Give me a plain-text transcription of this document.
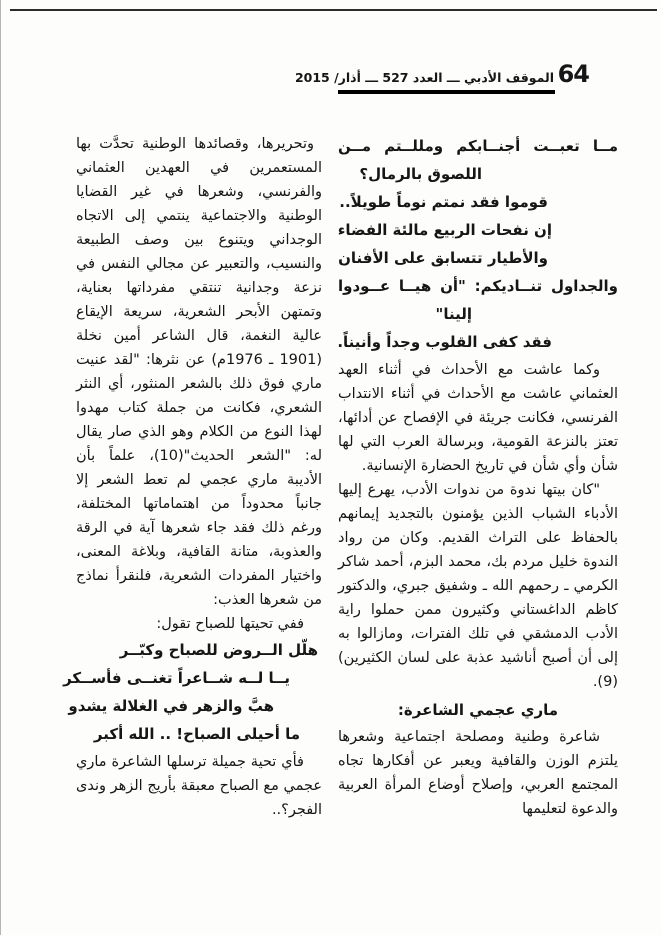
64
الموقف الأدبي ـــ العدد 527 ـــ أذار/ 2015
مــا تعبــت أجنــابكم ومللــتم مــن
اللصوق بالرمال؟
قوموا فقد نمتم نوماً طويلاً..
إن نفحات الربيع مالئة الفضاء
والأطيار تتسابق على الأفنان
والجداول تنــاديكم: "أن هيــا عــودوا
إلينا"
فقد كفى القلوب وجداً وأنيناً.

وكما عاشت مع الأحداث في أثناء العهد العثماني عاشت مع الأحداث في أثناء الانتداب الفرنسي، فكانت جريئة في الإفصاح عن أدائها، تعتز بالنزعة القومية، وبرسالة العرب التي لها شأن وأي شأن في تاريخ الحضارة الإنسانية.

"كان بيتها ندوة من ندوات الأدب، يهرع إليها الأدباء الشباب الذين يؤمنون بالتجديد إيمانهم بالحفاظ على التراث القديم. وكان من رواد الندوة خليل مردم بك، محمد البزم، أحمد شاكر الكرمي ـ رحمهم الله ـ وشفيق جبري، والدكتور كاظم الداغستاني وكثيرون ممن حملوا راية الأدب الدمشقي في تلك الفترات، ومازالوا به إلى أن أصبح أناشيد عذبة على لسان الكثيرين)(9).

ماري عجمي الشاعرة:

شاعرة وطنية ومصلحة اجتماعية وشعرها يلتزم الوزن والقافية ويعبر عن أفكارها تجاه المجتمع العربي، وإصلاح أوضاع المرأة العربية والدعوة لتعليمها

وتحريرها، وقصائدها الوطنية تحدَّت بها المستعمرين في العهدين العثماني والفرنسي، وشعرها في غير القضايا الوطنية والاجتماعية ينتمي إلى الاتجاه الوجداني ويتنوع بين وصف الطبيعة والنسيب، والتعبير عن مجالي النفس في نزعة وجدانية تنتقي مفرداتها بعناية، وتمتهن الأبحر الشعرية، سريعة الإيقاع عالية النغمة، قال الشاعر أمين نخلة (1901 ـ 1976م) عن نثرها: "لقد عنيت ماري فوق ذلك بالشعر المنثور، أي النثر الشعري، فكانت من جملة كتاب مهدوا لهذا النوع من الكلام وهو الذي صار يقال له: "الشعر الحديث"(10)، علماً بأن الأديبة ماري عجمي لم تعط الشعر إلا جانباً محدوداً من اهتماماتها المختلفة، ورغم ذلك فقد جاء شعرها آية في الرقة والعذوبة، متانة القافية، وبلاغة المعنى، واختيار المفردات الشعرية، فلنقرأ نماذج من شعرها العذب:

ففي تحيتها للصباح تقول:

هلّل الــروض للصباح وكبّــر
يــا لــه شــاعراً تغنــى فأســكر
هبَّ والزهر في الغلالة يشدو
ما أحيلى الصباح! .. الله أكبر

فأي تحية جميلة ترسلها الشاعرة ماري عجمي مع الصباح معبقة بأريج الزهر وندى الفجر؟..
